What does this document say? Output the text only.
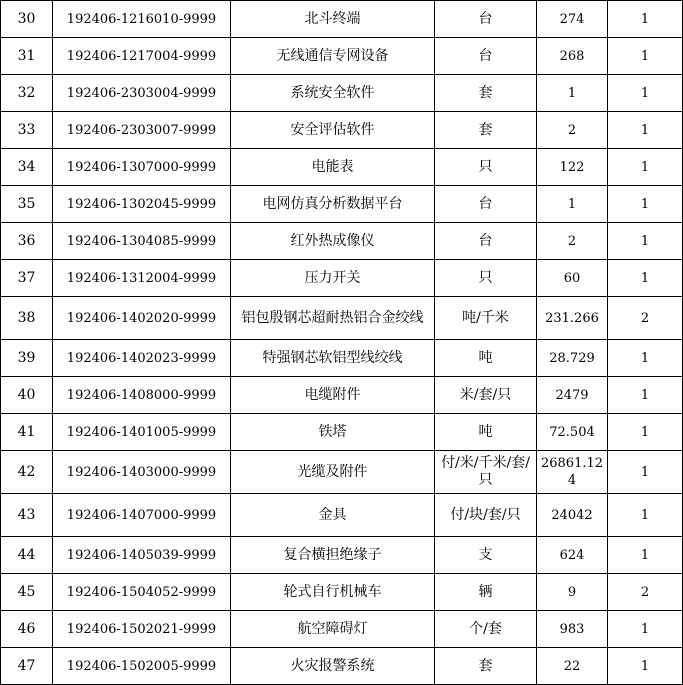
30	192406-1216010-9999	北斗终端	台	274	1
31	192406-1217004-9999	无线通信专网设备	台	268	1
32	192406-2303004-9999	系统安全软件	套	1	1
33	192406-2303007-9999	安全评估软件	套	2	1
34	192406-1307000-9999	电能表	只	122	1
35	192406-1302045-9999	电网仿真分析数据平台	台	1	1
36	192406-1304085-9999	红外热成像仪	台	2	1
37	192406-1312004-9999	压力开关	只	60	1
38	192406-1402020-9999	铝包殷钢芯超耐热铝合金绞线	吨/千米	231.266	2
39	192406-1402023-9999	特强钢芯软铝型线绞线	吨	28.729	1
40	192406-1408000-9999	电缆附件	米/套/只	2479	1
41	192406-1401005-9999	铁塔	吨	72.504	1
42	192406-1403000-9999	光缆及附件	付/米/千米/套/只	26861.124	1
43	192406-1407000-9999	金具	付/块/套/只	24042	1
44	192406-1405039-9999	复合横担绝缘子	支	624	1
45	192406-1504052-9999	轮式自行机械车	辆	9	2
46	192406-1502021-9999	航空障碍灯	个/套	983	1
47	192406-1502005-9999	火灾报警系统	套	22	1
